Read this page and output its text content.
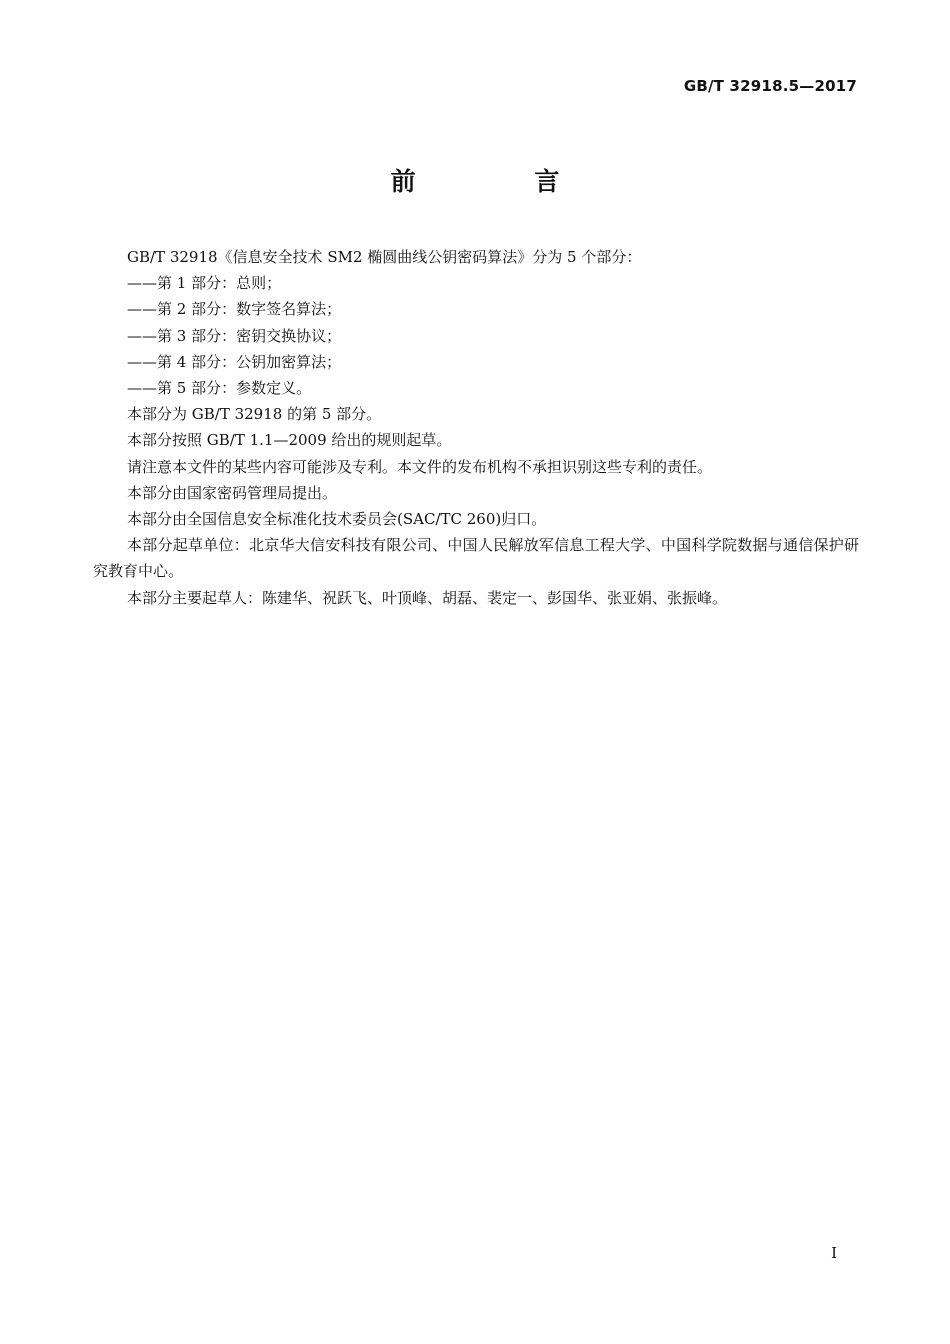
GB/T 32918.5—2017
前 言

GB/T 32918《信息安全技术 SM2 椭圆曲线公钥密码算法》分为 5 个部分：

——第 1 部分：总则；

——第 2 部分：数字签名算法；

——第 3 部分：密钥交换协议；

——第 4 部分：公钥加密算法；

——第 5 部分：参数定义。

本部分为 GB/T 32918 的第 5 部分。

本部分按照 GB/T 1.1—2009 给出的规则起草。

请注意本文件的某些内容可能涉及专利。本文件的发布机构不承担识别这些专利的责任。

本部分由国家密码管理局提出。

本部分由全国信息安全标准化技术委员会(SAC/TC 260)归口。

本部分起草单位：北京华大信安科技有限公司、中国人民解放军信息工程大学、中国科学院数据与通信保护研究教育中心。

本部分主要起草人：陈建华、祝跃飞、叶顶峰、胡磊、裴定一、彭国华、张亚娟、张振峰。

I
